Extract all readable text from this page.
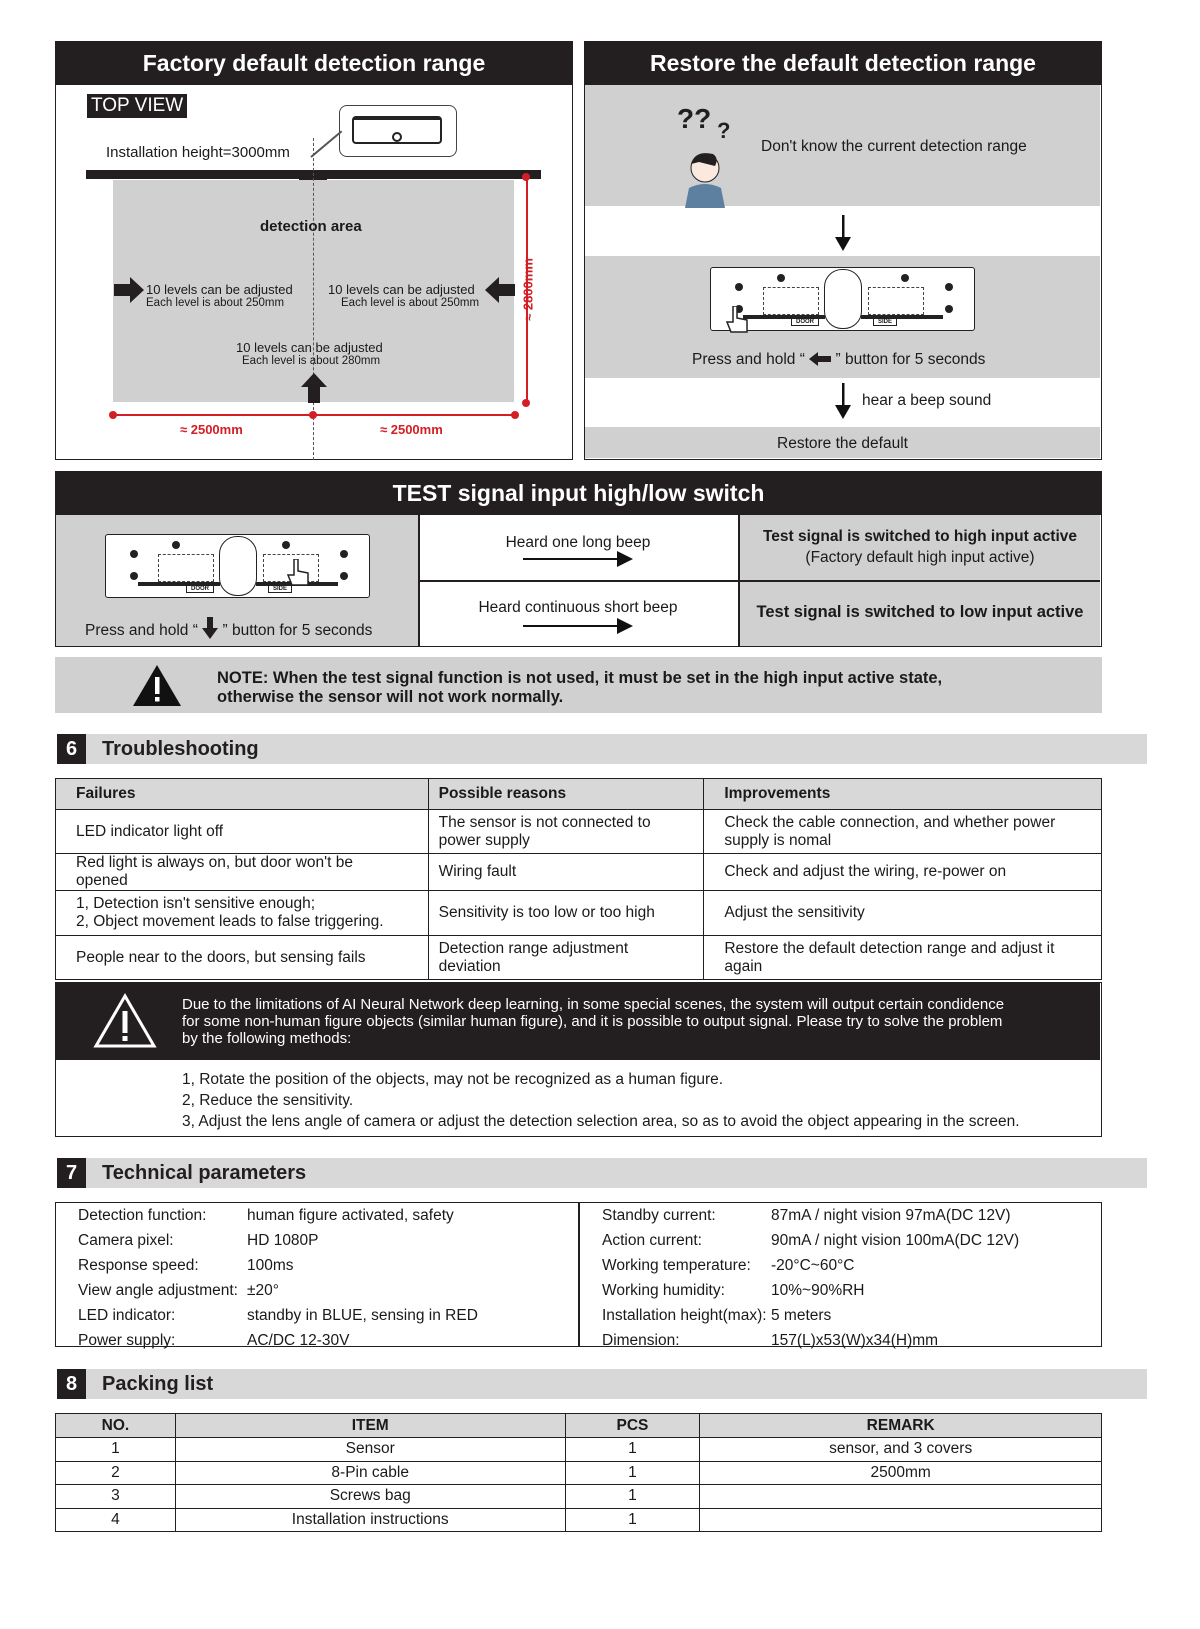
Factory default detection range
TOP VIEW
Installation height=3000mm
detection area
10 levels can be adjusted
Each level is about 250mm
10 levels can be adjusted
Each level is about 250mm
10 levels can be adjusted
Each level is about 280mm
≈ 2800mm
≈ 2500mm	≈ 2500mm
Restore the default detection range
?? ?
Don't know the current detection range
DOOR	SIDE
Press and hold “ ” button for 5 seconds
hear a beep sound
Restore the default
TEST signal input high/low switch
DOOR	SIDE
Press and hold “ ” button for 5 seconds
Heard one long beep
Heard continuous short beep
Test signal is switched to high input active
(Factory default high input active)
Test signal is switched to low input active
NOTE: When the test signal function is not used, it must be set in the high input active state,
otherwise the sensor will not work normally.
6	Troubleshooting
Failures	Possible reasons	Improvements
LED indicator light off	The sensor is not connected to power supply	Check the cable connection, and whether power supply is nomal
Red light is always on, but door won't be opened	Wiring fault	Check and adjust the wiring, re-power on
1, Detection isn't sensitive enough;
2, Object movement leads to false triggering.	Sensitivity is too low or too high	Adjust the sensitivity
People near to the doors, but sensing fails	Detection range adjustment deviation	Restore the default detection range and adjust it again
Due to the limitations of AI Neural Network deep learning, in some special scenes, the system will output certain condidence
for some non-human figure objects (similar human figure), and it is possible to output signal. Please try to solve the problem
by the following methods:
1, Rotate the position of the objects, may not be recognized as a human figure.
2, Reduce the sensitivity.
3, Adjust the lens angle of camera or adjust the detection selection area, so as to avoid the object appearing in the screen.
7	Technical parameters
Detection function:	human figure activated, safety
Camera pixel:	HD 1080P
Response speed:	100ms
View angle adjustment:	±20°
LED indicator:	standby in BLUE, sensing in RED
Power supply:	AC/DC 12-30V
Standby current:	87mA / night vision 97mA(DC 12V)
Action current:	90mA / night vision 100mA(DC 12V)
Working temperature:	-20°C~60°C
Working humidity:	10%~90%RH
Installation height(max):	5 meters
Dimension:	157(L)x53(W)x34(H)mm
8	Packing list
NO.	ITEM	PCS	REMARK
1	Sensor	1	sensor, and 3 covers
2	8-Pin cable	1	2500mm
3	Screws bag	1	
4	Installation instructions	1	
